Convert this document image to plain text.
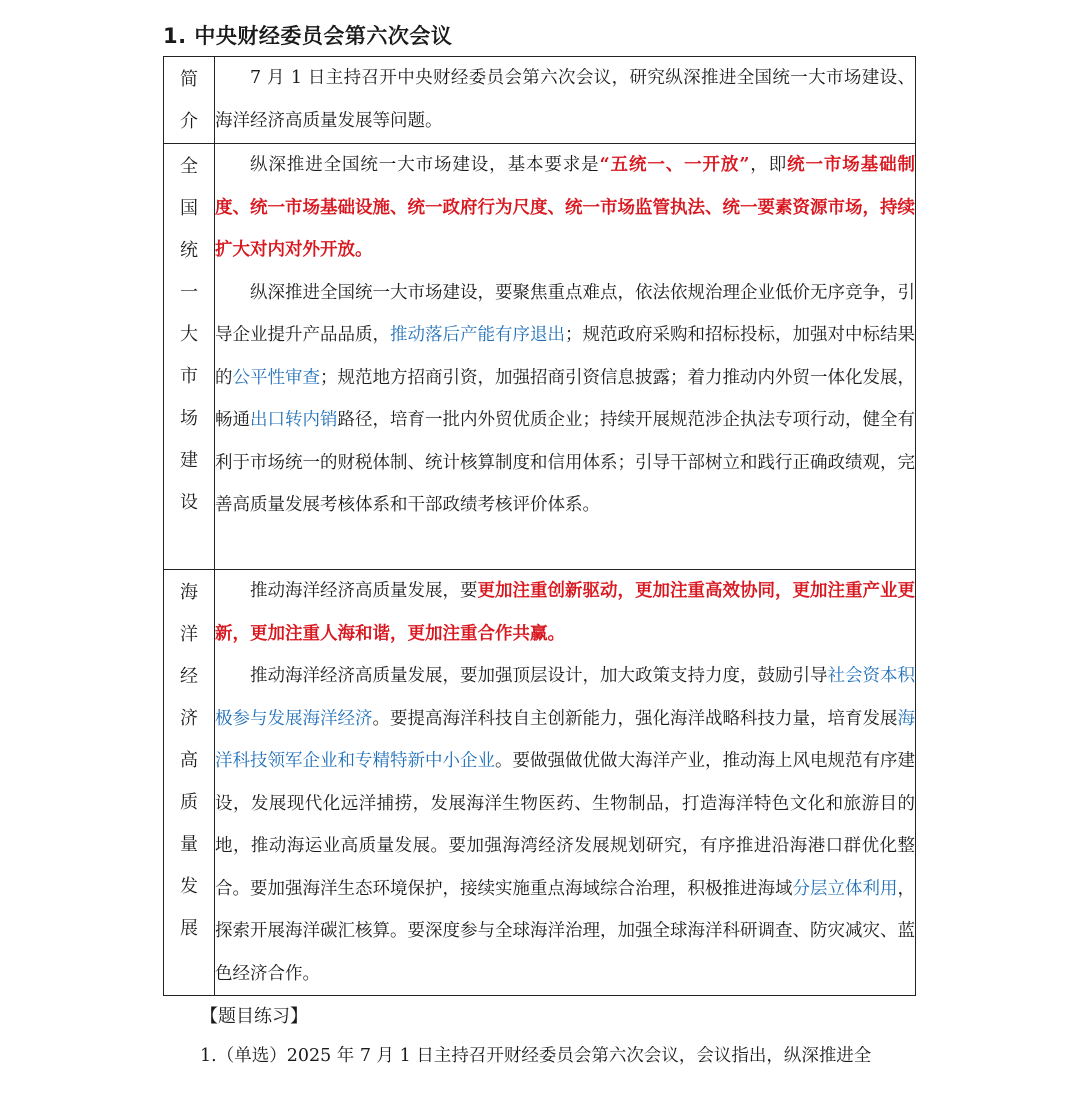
1. 中央财经委员会第六次会议
简介	7 月 1 日主持召开中央财经委员会第六次会议，研究纵深推进全国统一大市场建设、海洋经济高质量发展等问题。

全国统一大市场建设	纵深推进全国统一大市场建设，基本要求是“五统一、一开放”，即统一市场基础制度、统一市场基础设施、统一政府行为尺度、统一市场监管执法、统一要素资源市场，持续扩大对内对外开放。

纵深推进全国统一大市场建设，要聚焦重点难点，依法依规治理企业低价无序竞争，引导企业提升产品品质，推动落后产能有序退出；规范政府采购和招标投标，加强对中标结果的公平性审查；规范地方招商引资，加强招商引资信息披露；着力推动内外贸一体化发展，畅通出口转内销路径，培育一批内外贸优质企业；持续开展规范涉企执法专项行动，健全有利于市场统一的财税体制、统计核算制度和信用体系；引导干部树立和践行正确政绩观，完善高质量发展考核体系和干部政绩考核评价体系。

海洋经济高质量发展	推动海洋经济高质量发展，要更加注重创新驱动，更加注重高效协同，更加注重产业更新，更加注重人海和谐，更加注重合作共赢。

推动海洋经济高质量发展，要加强顶层设计，加大政策支持力度，鼓励引导社会资本积极参与发展海洋经济。要提高海洋科技自主创新能力，强化海洋战略科技力量，培育发展海洋科技领军企业和专精特新中小企业。要做强做优做大海洋产业，推动海上风电规范有序建设，发展现代化远洋捕捞，发展海洋生物医药、生物制品，打造海洋特色文化和旅游目的地，推动海运业高质量发展。要加强海湾经济发展规划研究，有序推进沿海港口群优化整合。要加强海洋生态环境保护，接续实施重点海域综合治理，积极推进海域分层立体利用，探索开展海洋碳汇核算。要深度参与全球海洋治理，加强全球海洋科研调查、防灾减灾、蓝色经济合作。

【题目练习】
1.（单选）2025 年 7 月 1 日主持召开财经委员会第六次会议，会议指出，纵深推进全
